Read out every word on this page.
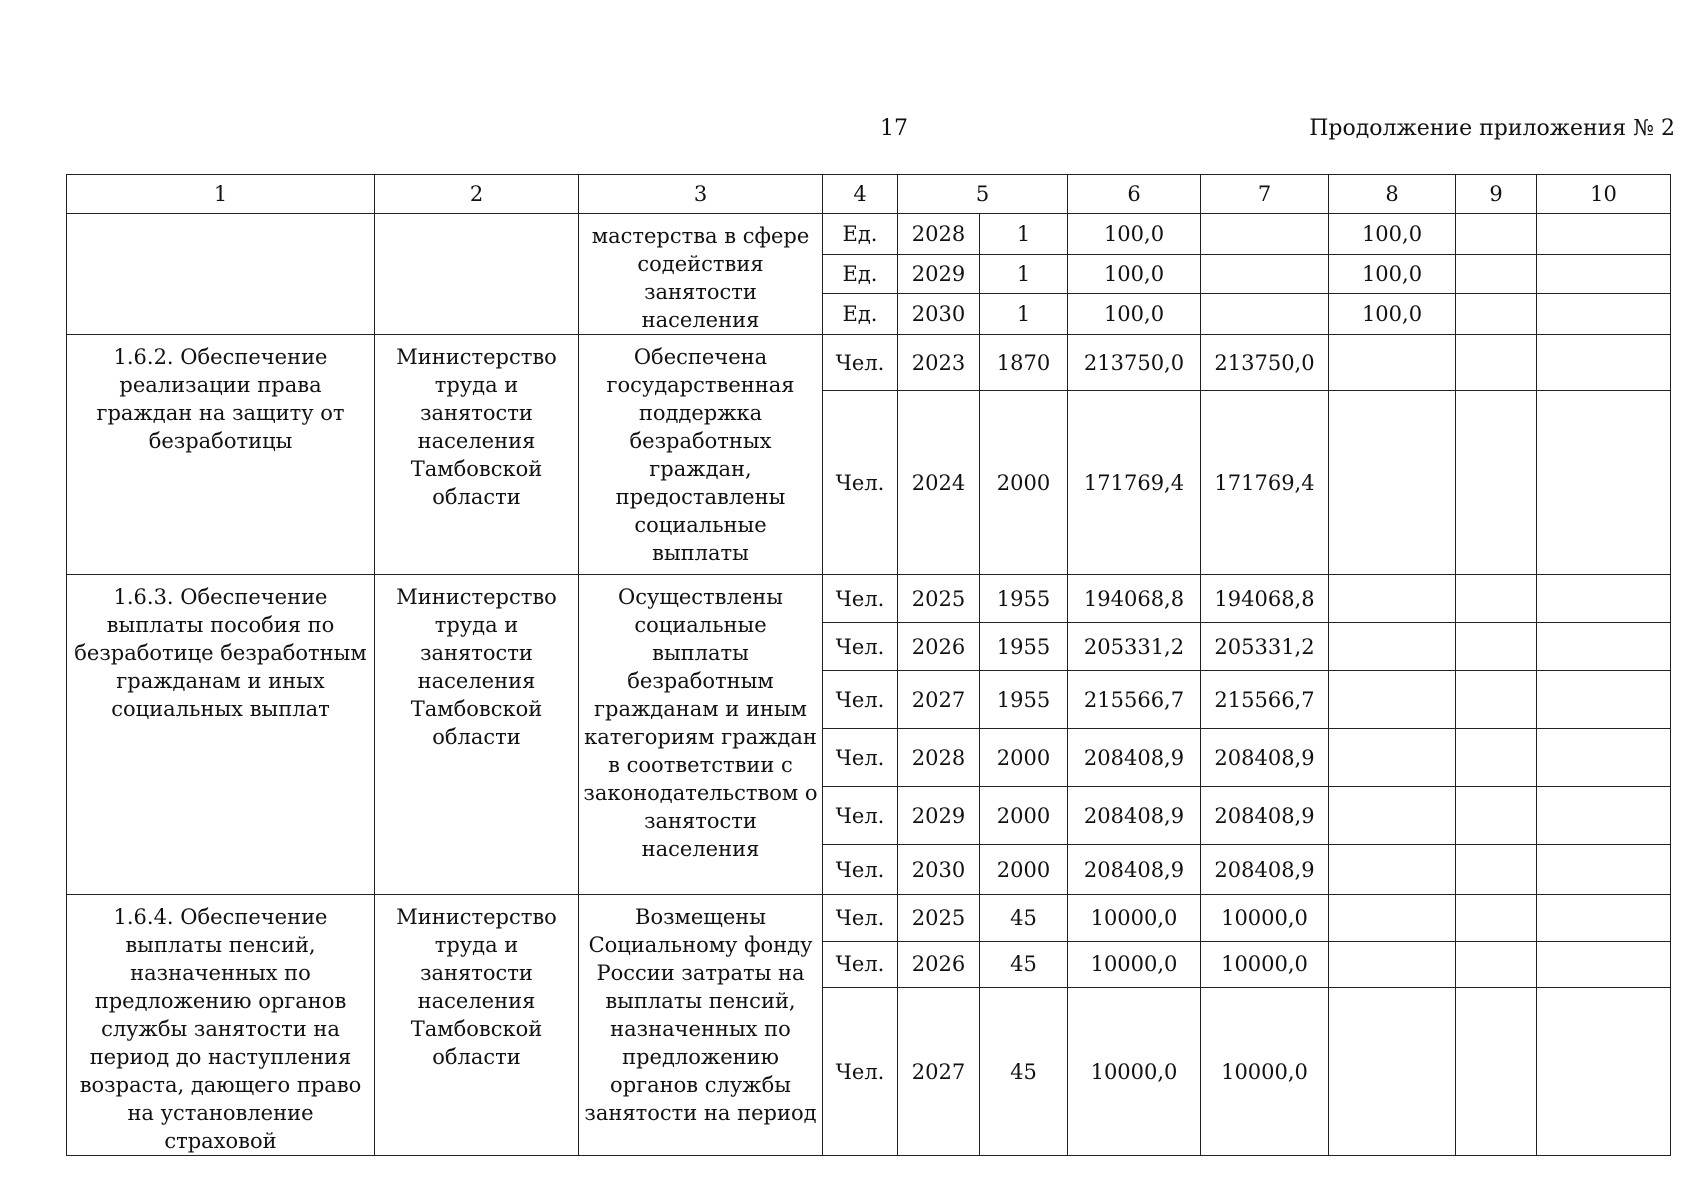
17	Продолжение приложения № 2
1	2	3	4	5		6	7	8	9	10
		мастерства в сфере содействия занятости населения	Ед.	2028	1	100,0		100,0		
			Ед.	2029	1	100,0		100,0		
			Ед.	2030	1	100,0		100,0		
1.6.2. Обеспечение реализации права граждан на защиту от безработицы	Министерство труда и занятости населения Тамбовской области	Обеспечена государственная поддержка безработных граждан, предоставлены социальные выплаты	Чел.	2023	1870	213750,0	213750,0			
			Чел.	2024	2000	171769,4	171769,4			
1.6.3. Обеспечение выплаты пособия по безработице безработным гражданам и иных социальных выплат	Министерство труда и занятости населения Тамбовской области	Осуществлены социальные выплаты безработным гражданам и иным категориям граждан в соответствии с законодательством о занятости населения	Чел.	2025	1955	194068,8	194068,8			
			Чел.	2026	1955	205331,2	205331,2			
			Чел.	2027	1955	215566,7	215566,7			
			Чел.	2028	2000	208408,9	208408,9			
			Чел.	2029	2000	208408,9	208408,9			
			Чел.	2030	2000	208408,9	208408,9			
1.6.4. Обеспечение выплаты пенсий, назначенных по предложению органов службы занятости на период до наступления возраста, дающего право на установление страховой	Министерство труда и занятости населения Тамбовской области	Возмещены Социальному фонду России затраты на выплаты пенсий, назначенных по предложению органов службы занятости на период	Чел.	2025	45	10000,0	10000,0			
			Чел.	2026	45	10000,0	10000,0			
			Чел.	2027	45	10000,0	10000,0			
